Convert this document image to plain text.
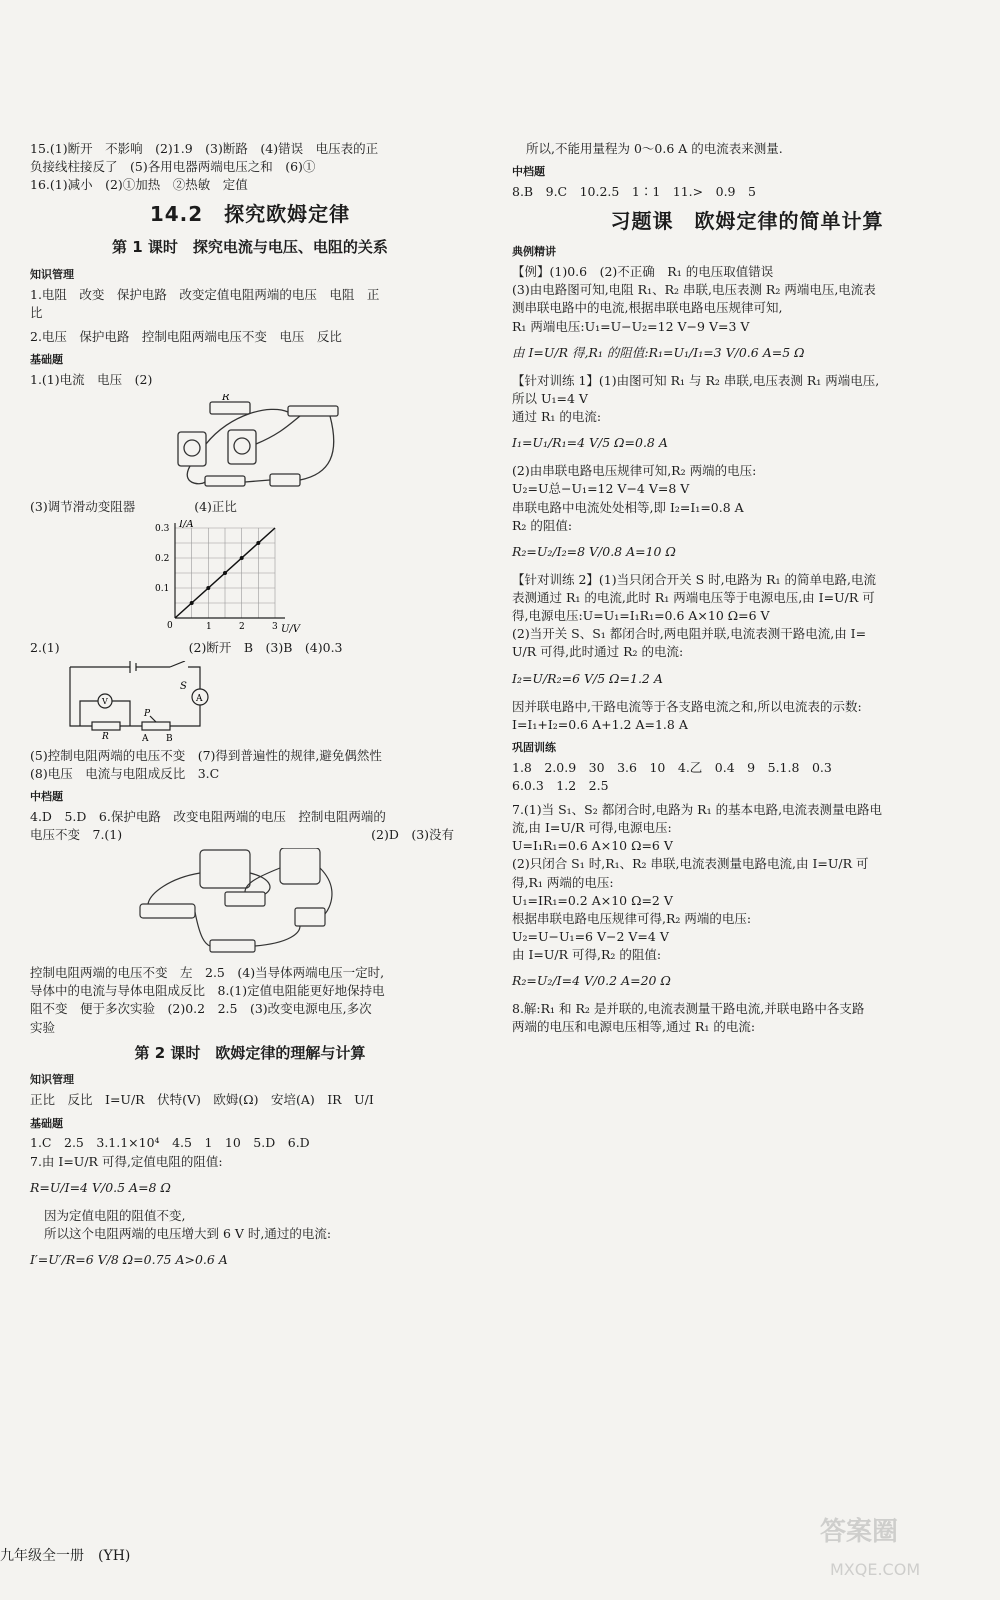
15.(1)断开　不影响　(2)1.9　(3)断路　(4)错误　电压表的正

负接线柱接反了　(5)各用电器两端电压之和　(6)①

16.(1)减小　(2)①加热　②热敏　定值

14.2　探究欧姆定律
第 1 课时　探究电流与电压、电阻的关系
知识管理

1.电阻　改变　保护电路　改变定值电阻两端的电压　电阻　正

比

2.电压　保护电路　控制电阻两端电压不变　电压　反比

基础题

1.(1)电流　电压　(2)

R

(3)调节滑动变阻器	(4)正比

I/A
0.1
0.2
0.3
0	1	2	3 U/V

2.(1)	(2)断开　B　(3)B　(4)0.3

S
A
V
R
P
A B

(5)控制电阻两端的电压不变　(7)得到普遍性的规律,避免偶然性

(8)电压　电流与电阻成反比　3.C

中档题

4.D　5.D　6.保护电路　改变电阻两端的电压　控制电阻两端的

电压不变　7.(1)	(2)D　(3)没有

控制电阻两端的电压不变　左　2.5　(4)当导体两端电压一定时,

导体中的电流与导体电阻成反比　8.(1)定值电阻能更好地保持电

阻不变　便于多次实验　(2)0.2　2.5　(3)改变电源电压,多次

实验

第 2 课时　欧姆定律的理解与计算
知识管理

正比　反比　I=U/R　伏特(V)　欧姆(Ω)　安培(A)　IR　U/I

基础题

1.C　2.5　3.1.1×10⁴　4.5　1　10　5.D　6.D

7.由 I=U/R 可得,定值电阻的阻值:

R=U/I=4 V/0.5 A=8 Ω

因为定值电阻的阻值不变,

所以这个电阻两端的电压增大到 6 V 时,通过的电流:

I′=U′/R=6 V/8 Ω=0.75 A>0.6 A

所以,不能用量程为 0～0.6 A 的电流表来测量.

中档题

8.B　9.C　10.2.5　1∶1　11.>　0.9　5

习题课　欧姆定律的简单计算
典例精讲

【例】(1)0.6　(2)不正确　R₁ 的电压取值错误

(3)由电路图可知,电阻 R₁、R₂ 串联,电压表测 R₂ 两端电压,电流表

测串联电路中的电流,根据串联电路电压规律可知,

R₁ 两端电压:U₁=U−U₂=12 V−9 V=3 V

由 I=U/R 得,R₁ 的阻值:R₁=U₁/I₁=3 V/0.6 A=5 Ω

【针对训练 1】(1)由图可知 R₁ 与 R₂ 串联,电压表测 R₁ 两端电压,

所以 U₁=4 V

通过 R₁ 的电流:

I₁=U₁/R₁=4 V/5 Ω=0.8 A

(2)由串联电路电压规律可知,R₂ 两端的电压:

U₂=U总−U₁=12 V−4 V=8 V

串联电路中电流处处相等,即 I₂=I₁=0.8 A

R₂ 的阻值:

R₂=U₂/I₂=8 V/0.8 A=10 Ω

【针对训练 2】(1)当只闭合开关 S 时,电路为 R₁ 的简单电路,电流

表测通过 R₁ 的电流,此时 R₁ 两端电压等于电源电压,由 I=U/R 可

得,电源电压:U=U₁=I₁R₁=0.6 A×10 Ω=6 V

(2)当开关 S、S₁ 都闭合时,两电阻并联,电流表测干路电流,由 I=

U/R 可得,此时通过 R₂ 的电流:

I₂=U/R₂=6 V/5 Ω=1.2 A

因并联电路中,干路电流等于各支路电流之和,所以电流表的示数:

I=I₁+I₂=0.6 A+1.2 A=1.8 A

巩固训练

1.8　2.0.9　30　3.6　10　4.乙　0.4　9　5.1.8　0.3

6.0.3　1.2　2.5

7.(1)当 S₁、S₂ 都闭合时,电路为 R₁ 的基本电路,电流表测量电路电

流,由 I=U/R 可得,电源电压:

U=I₁R₁=0.6 A×10 Ω=6 V

(2)只闭合 S₁ 时,R₁、R₂ 串联,电流表测量电路电流,由 I=U/R 可

得,R₁ 两端的电压:

U₁=IR₁=0.2 A×10 Ω=2 V

根据串联电路电压规律可得,R₂ 两端的电压:

U₂=U−U₁=6 V−2 V=4 V

由 I=U/R 可得,R₂ 的阻值:

R₂=U₂/I=4 V/0.2 A=20 Ω

8.解:R₁ 和 R₂ 是并联的,电流表测量干路电流,并联电路中各支路

两端的电压和电源电压相等,通过 R₁ 的电流:

九年级全一册　(YH)
答案圈
MXQE.COM
